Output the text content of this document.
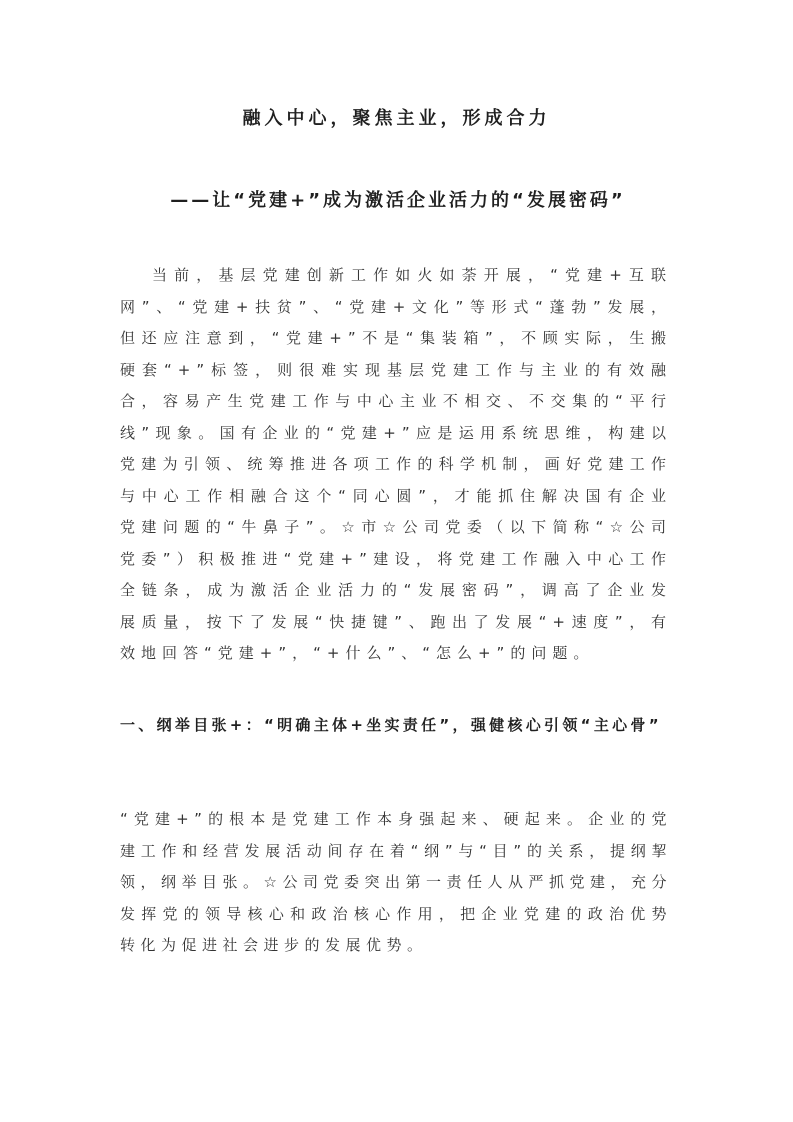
融入中心，聚焦主业，形成合力
——让“党建+”成为激活企业活力的“发展密码”
当前，基层党建创新工作如火如荼开展，“党建+互联网”、“党建+扶贫”、“党建+文化”等形式“蓬勃”发展，但还应注意到，“党建+”不是“集装箱”，不顾实际，生搬硬套“+”标签，则很难实现基层党建工作与主业的有效融合，容易产生党建工作与中心主业不相交、不交集的“平行线”现象。国有企业的“党建+”应是运用系统思维，构建以党建为引领、统筹推进各项工作的科学机制，画好党建工作与中心工作相融合这个“同心圆”，才能抓住解决国有企业党建问题的“牛鼻子”。☆市☆公司党委（以下简称“☆公司党委”）积极推进“党建+”建设，将党建工作融入中心工作全链条，成为激活企业活力的“发展密码”，调高了企业发展质量，按下了发展“快捷键”、跑出了发展“+速度”，有效地回答“党建+”，“+什么”、“怎么+”的问题。
一、纲举目张+：“明确主体+坐实责任”，强健核心引领“主心骨”
“党建+”的根本是党建工作本身强起来、硬起来。企业的党建工作和经营发展活动间存在着“纲”与“目”的关系，提纲挈领，纲举目张。☆公司党委突出第一责任人从严抓党建，充分发挥党的领导核心和政治核心作用，把企业党建的政治优势转化为促进社会进步的发展优势。
